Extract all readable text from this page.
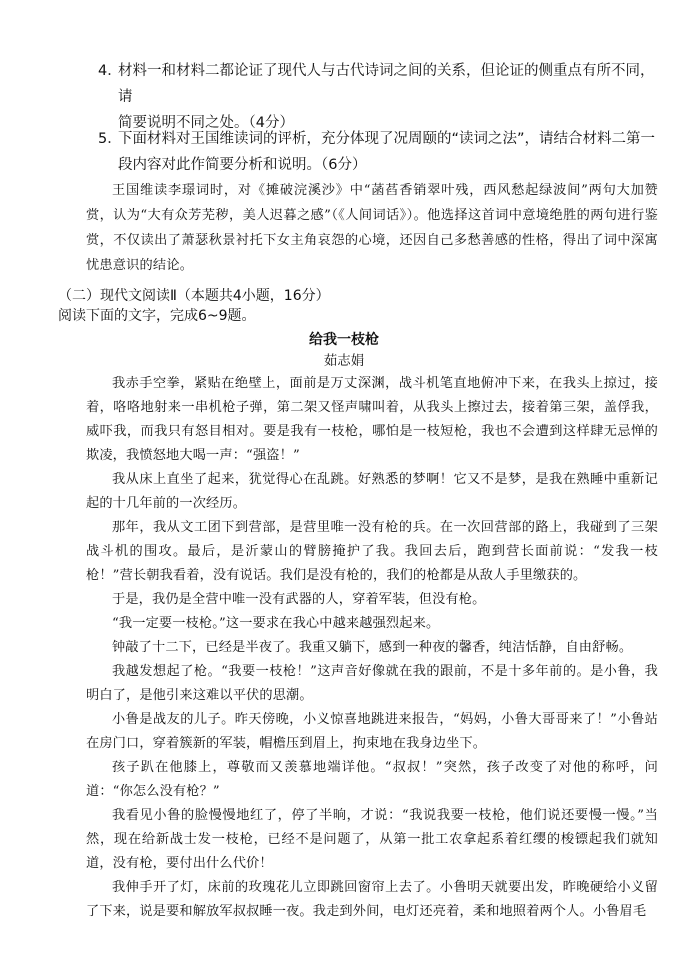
4．
材料一和材料二都论证了现代人与古代诗词之间的关系，但论证的侧重点有所不同，请
简要说明不同之处。（4分）
5．
下面材料对王国维读词的评析，充分体现了况周颐的“读词之法”，请结合材料二第一
段内容对此作简要分析和说明。（6分）
王国维读李璟词时，对《摊破浣溪沙》中“菡萏香销翠叶残，西风愁起绿波间”两句大加赞赏，认为“大有众芳芜秽，美人迟暮之感”（《人间词话》）。他选择这首词中意境绝胜的两句进行鉴赏，不仅读出了萧瑟秋景衬托下女主角哀怨的心境，还因自己多愁善感的性格，得出了词中深寓忧患意识的结论。
（二）现代文阅读Ⅱ（本题共4小题，16分）
阅读下面的文字，完成6~9题。
给我一枝枪
茹志娟

我赤手空拳，紧贴在绝壁上，面前是万丈深渊，战斗机笔直地俯冲下来，在我头上掠过，接着，咯咯地射来一串机枪子弹，第二架又怪声啸叫着，从我头上擦过去，接着第三架，盖俘我，威吓我，而我只有怒目相对。要是我有一枝枪，哪怕是一枝短枪，我也不会遭到这样肆无忌惮的欺凌，我愤怒地大喝一声：“强盗！”

我从床上直坐了起来，犹觉得心在乱跳。好熟悉的梦啊！它又不是梦，是我在熟睡中重新记起的十几年前的一次经历。

那年，我从文工团下到营部，是营里唯一没有枪的兵。在一次回营部的路上，我碰到了三架战斗机的围攻。最后，是沂蒙山的臂膀掩护了我。我回去后，跑到营长面前说：“发我一枝枪！”营长朝我看着，没有说话。我们是没有枪的，我们的枪都是从敌人手里缴获的。

于是，我仍是全营中唯一没有武器的人，穿着军装，但没有枪。

“我一定要一枝枪。”这一要求在我心中越来越强烈起来。

钟敲了十二下，已经是半夜了。我重又躺下，感到一种夜的馨香，纯洁恬静，自由舒畅。

我越发想起了枪。“我要一枝枪！”这声音好像就在我的跟前，不是十多年前的。是小鲁，我明白了，是他引来这难以平伏的思潮。

小鲁是战友的儿子。昨天傍晚，小义惊喜地跳进来报告，“妈妈，小鲁大哥哥来了！”小鲁站在房门口，穿着簇新的军装，帽檐压到眉上，拘束地在我身边坐下。

孩子趴在他膝上，尊敬而又羡慕地端详他。“叔叔！”突然，孩子改变了对他的称呼，问道：“你怎么没有枪？”

我看见小鲁的脸慢慢地红了，停了半晌，才说：“我说我要一枝枪，他们说还要慢一慢。”当然，现在给新战士发一枝枪，已经不是问题了，从第一批工农拿起系着红缨的梭镖起我们就知道，没有枪，要付出什么代价！

我伸手开了灯，床前的玫瑰花儿立即跳回窗帘上去了。小鲁明天就要出发，昨晚硬给小义留了下来，说是要和解放军叔叔睡一夜。我走到外间，电灯还亮着，柔和地照着两个人。小鲁眉毛
